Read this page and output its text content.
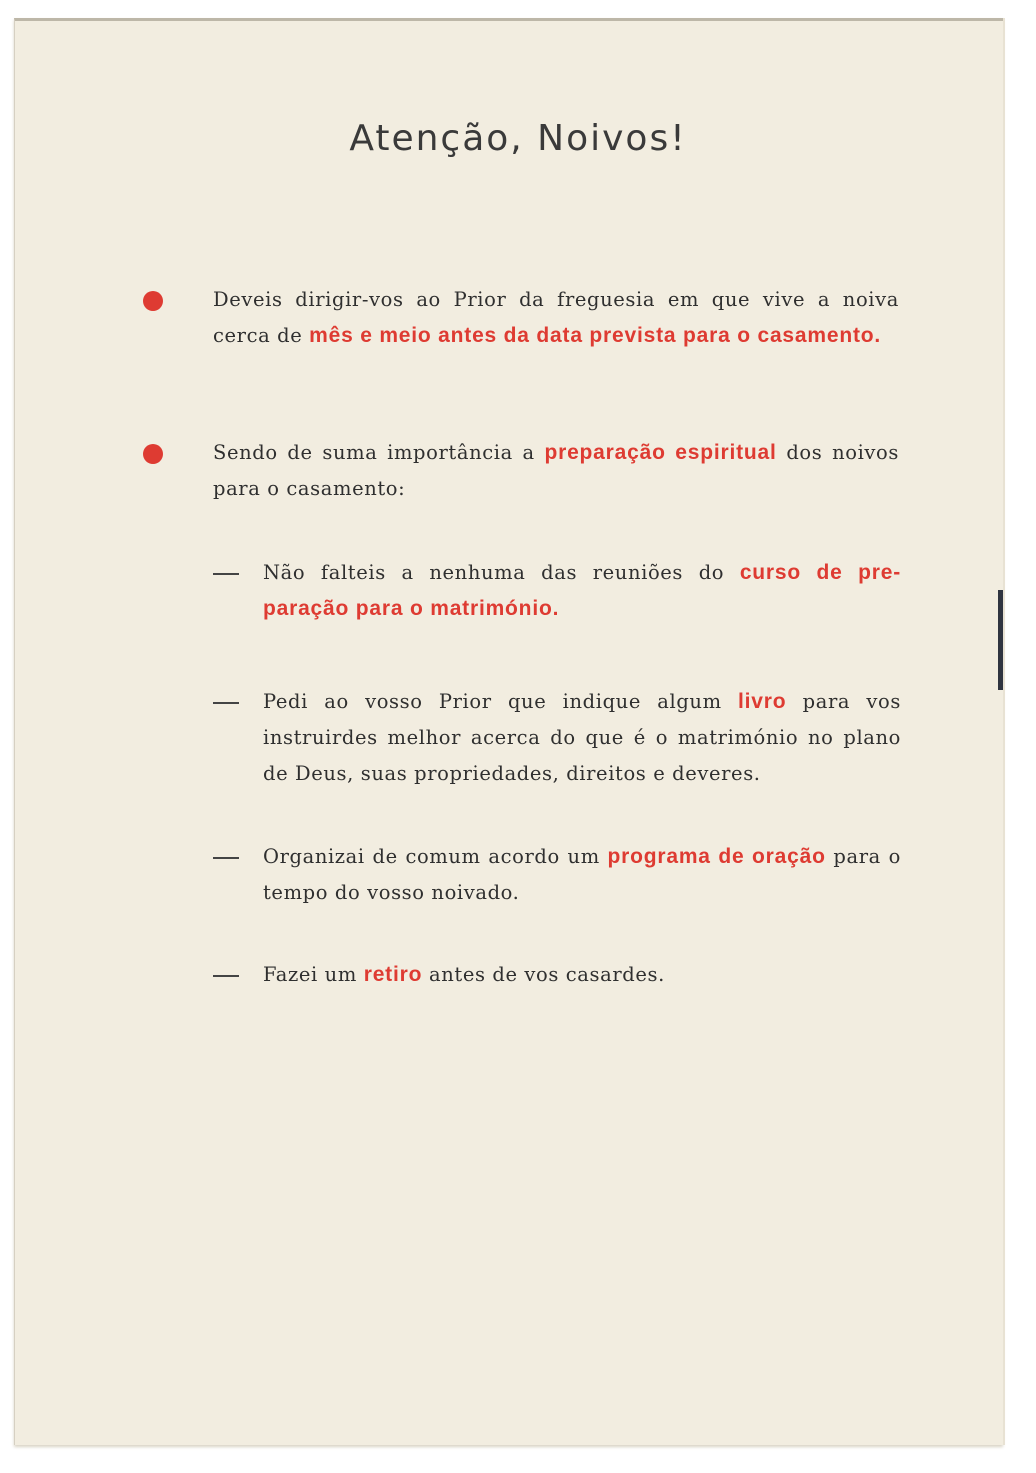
Atenção, Noivos!
Deveis dirigir-vos ao Prior da freguesia em que vive a noiva cerca de mês e meio antes da data prevista para o casamento.
Sendo de suma importância a preparação espiritual dos noivos para o casamento:
Não falteis a nenhuma das reuniões do curso de pre-paração para o matrimónio.
Pedi ao vosso Prior que indique algum livro para vos instruirdes melhor acerca do que é o matrimónio no plano de Deus, suas propriedades, direitos e deveres.
Organizai de comum acordo um programa de oração para o tempo do vosso noivado.
Fazei um retiro antes de vos casardes.
